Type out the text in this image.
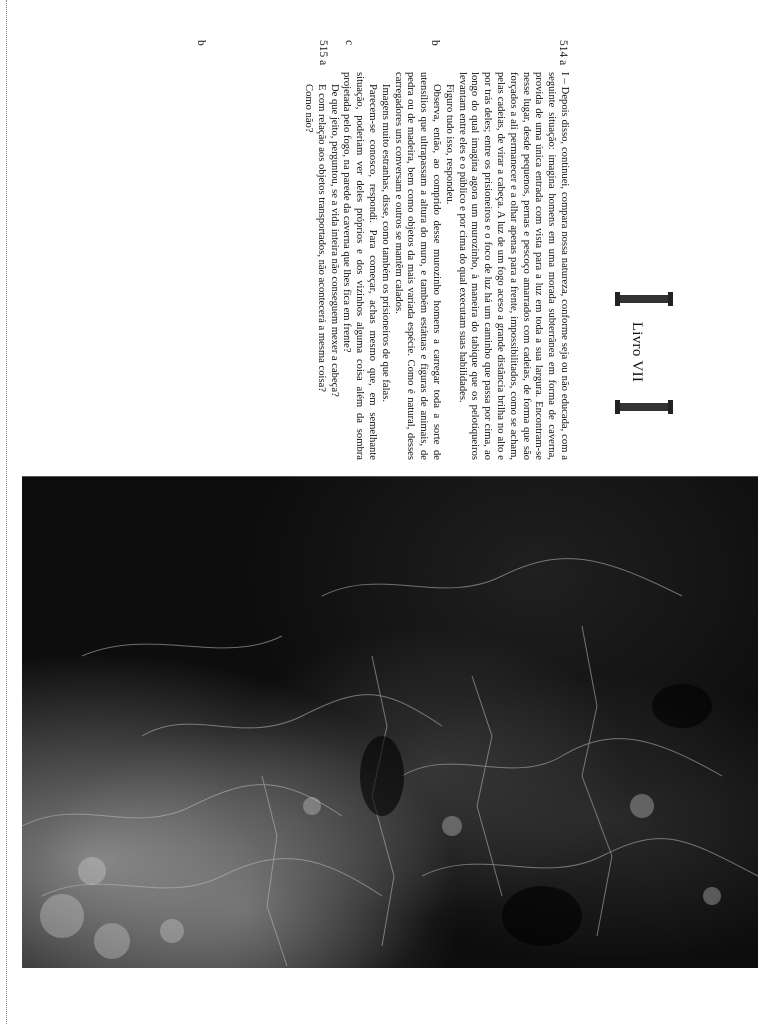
Livro VII
514 a
b
c
515 a
b

I – Depois disso, continuei, compara nossa natureza, conforme seja ou não educada, com a seguinte situação: imagina homens em uma morada subterrânea em forma de caverna, provida de uma única entrada com vista para a luz em toda a sua largura. Encontram-se nesse lugar, desde pequenos, pernas e pescoço amarrados com cadeias, de forma que são forçados a ali permanecer e a olhar apenas para a frente, impossibilitados, como se acham, pelas cadeias, de virar a cabeça. A luz de um fogo aceso a grande distância brilha no alto e por trás deles; entre os prisioneiros e o foco de luz há um caminho que passa por cima, ao longo do qual imagina agora um murozinho, à maneira do tabique que os pelotiqueiros levantam entre eles e o público e por cima do qual executam suas habilidades.

Figuro tudo isso, respondeu.

Observa, então, ao comprido desse murozinho homens a carregar toda a sorte de utensílios que ultrapassam a altura do muro, e também estátuas e figuras de animais, de pedra ou de madeira, bem como objetos da mais variada espécie. Como é natural, desses carregadores uns conversam e outros se mantêm calados.

Imagens muito estranhas, disse, como também os prisioneiros de que falas.

Parecem-se conosco, respondi. Para começar, achas mesmo que, em semelhante situação, poderiam ver deles próprios e dos vizinhos alguma coisa além da sombra projetada pelo fogo, na parede da caverna que lhes fica em frente?

De que jeito, perguntou, se a vida inteira não conseguem mexer a cabeça?

E com relação aos objetos transportados, não acontecerá a mesma coisa?

Como não?
